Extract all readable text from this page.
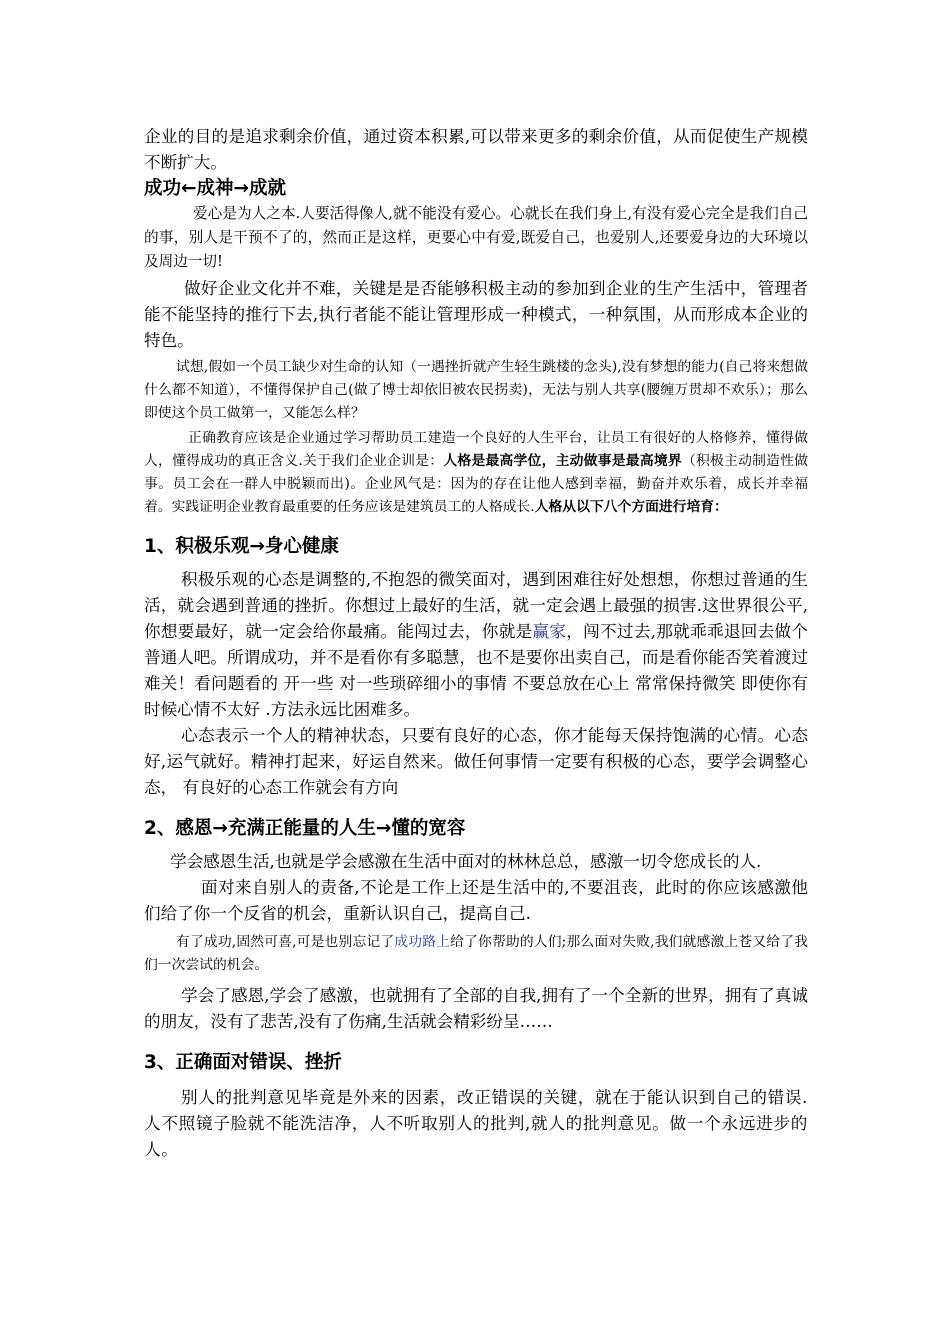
企业的目的是追求剩余价值，通过资本积累,可以带来更多的剩余价值，从而促使生产规模不断扩大。

成功←成神→成就

爱心是为人之本.人要活得像人,就不能没有爱心。心就长在我们身上,有没有爱心完全是我们自己的事，别人是干预不了的，然而正是这样，更要心中有爱,既爱自己，也爱别人,还要爱身边的大环境以及周边一切!

做好企业文化并不难，关键是是否能够积极主动的参加到企业的生产生活中，管理者能不能坚持的推行下去,执行者能不能让管理形成一种模式，一种氛围，从而形成本企业的特色。

试想,假如一个员工缺少对生命的认知（一遇挫折就产生轻生跳楼的念头),没有梦想的能力(自己将来想做什么都不知道），不懂得保护自己(做了博士却依旧被农民拐卖)，无法与别人共享(腰缠万贯却不欢乐）；那么即使这个员工做第一，又能怎么样？

正确教育应该是企业通过学习帮助员工建造一个良好的人生平台，让员工有很好的人格修养，懂得做人，懂得成功的真正含义.关于我们企业企训是：人格是最高学位，主动做事是最高境界（积极主动制造性做事。员工会在一群人中脱颖而出)。企业风气是：因为的存在让他人感到幸福，勤奋并欢乐着，成长并幸福着。实践证明企业教育最重要的任务应该是建筑员工的人格成长.人格从以下八个方面进行培育：

1、积极乐观→身心健康

积极乐观的心态是调整的,不抱怨的微笑面对，遇到困难往好处想想，你想过普通的生活，就会遇到普通的挫折。你想过上最好的生活，就一定会遇上最强的损害.这世界很公平,你想要最好，就一定会给你最痛。能闯过去，你就是赢家，闯不过去,那就乖乖退回去做个普通人吧。所谓成功，并不是看你有多聪慧，也不是要你出卖自己，而是看你能否笑着渡过难关！看问题看的 开一些 对一些琐碎细小的事情 不要总放在心上 常常保持微笑 即使你有时候心情不太好 .方法永远比困难多。

心态表示一个人的精神状态，只要有良好的心态，你才能每天保持饱满的心情。心态好,运气就好。精神打起来，好运自然来。做任何事情一定要有积极的心态，要学会调整心态， 有良好的心态工作就会有方向

2、感恩→充满正能量的人生→懂的宽容

学会感恩生活,也就是学会感激在生活中面对的林林总总，感激一切令您成长的人.

面对来自别人的责备,不论是工作上还是生活中的,不要沮丧，此时的你应该感激他们给了你一个反省的机会，重新认识自己，提高自己.

有了成功,固然可喜,可是也别忘记了成功路上给了你帮助的人们;那么面对失败,我们就感激上苍又给了我们一次尝试的机会。

学会了感恩,学会了感激，也就拥有了全部的自我,拥有了一个全新的世界，拥有了真诚的朋友，没有了悲苦,没有了伤痛,生活就会精彩纷呈……

3、正确面对错误、挫折

别人的批判意见毕竟是外来的因素，改正错误的关键，就在于能认识到自己的错误.人不照镜子脸就不能洗洁净，人不听取别人的批判,就人的批判意见。做一个永远进步的人。
